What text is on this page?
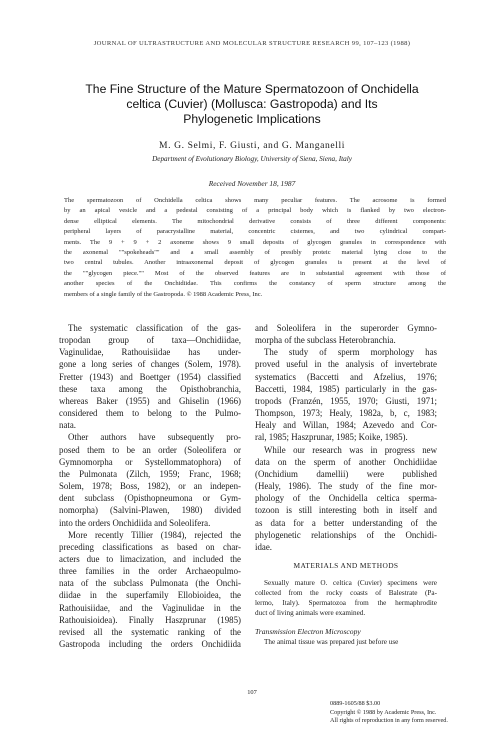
JOURNAL OF ULTRASTRUCTURE AND MOLECULAR STRUCTURE RESEARCH 99, 107–123 (1988)
The Fine Structure of the Mature Spermatozoon of Onchidella
celtica (Cuvier) (Mollusca: Gastropoda) and Its
Phylogenetic Implications
M. G. Selmi, F. Giusti, and G. Manganelli
Department of Evolutionary Biology, University of Siena, Siena, Italy
Received November 18, 1987
The spermatozoon of Onchidella celtica shows many peculiar features. The acrosome is formed
by an apical vesicle and a pedestal consisting of a principal body which is flanked by two electron-
dense elliptical elements. The mitochondrial derivative consists of three different components:
peripheral layers of paracrystalline material, concentric cisternes, and two cylindrical compart-
ments. The 9 + 9 + 2 axoneme shows 9 small deposits of glycogen granules in correspondence with
the axonemal ""spokeheads"" and a small assembly of presibly proteic material lying close to the
two central tubules. Another intraaxonemal deposit of glycogen granules is present at the level of
the ""glycogen piece."" Most of the observed features are in substantial agreement with those of
another species of the Onchidiidae. This confirms the constancy of sperm structure among the
members of a single family of the Gastropoda. © 1988 Academic Press, Inc.
The systematic classification of the gas-
tropodan group of taxa—Onchidiidae,
Vaginulidae, Rathouisiidae has under-
gone a long series of changes (Solem, 1978).
Fretter (1943) and Boettger (1954) classified
these taxa among the Opisthobranchia,
whereas Baker (1955) and Ghiselin (1966)
considered them to belong to the Pulmo-
nata.
Other authors have subsequently pro-
posed them to be an order (Soleolifera or
Gymnomorpha or Systellommatophora) of
the Pulmonata (Zilch, 1959; Franc, 1968;
Solem, 1978; Boss, 1982), or an indepen-
dent subclass (Opisthopneumona or Gym-
nomorpha) (Salvini-Plawen, 1980) divided
into the orders Onchidiida and Soleolifera.
More recently Tillier (1984), rejected the
preceding classifications as based on char-
acters due to limacization, and included the
three families in the order Archaeopulmo-
nata of the subclass Pulmonata (the Onchi-
diidae in the superfamily Ellobioidea, the
Rathouisiidae, and the Vaginulidae in the
Rathouisioidea). Finally Haszprunar (1985)
revised all the systematic ranking of the
Gastropoda including the orders Onchidiida
and Soleolifera in the superorder Gymno-
morpha of the subclass Heterobranchia.
The study of sperm morphology has
proved useful in the analysis of invertebrate
systematics (Baccetti and Afzelius, 1976;
Baccetti, 1984, 1985) particularly in the gas-
tropods (Franzén, 1955, 1970; Giusti, 1971;
Thompson, 1973; Healy, 1982a, b, c, 1983;
Healy and Willan, 1984; Azevedo and Cor-
ral, 1985; Haszprunar, 1985; Koike, 1985).
While our research was in progress new
data on the sperm of another Onchidiidae
(Onchidium damellii) were published
(Healy, 1986). The study of the fine mor-
phology of the Onchidella celtica sperma-
tozoon is still interesting both in itself and
as data for a better understanding of the
phylogenetic relationships of the Onchidi-
idae.
MATERIALS AND METHODS
Sexually mature O. celtica (Cuvier) specimens were
collected from the rocky coasts of Balestrate (Pa-
lermo, Italy). Spermatozoa from the hermaphrodite
duct of living animals were examined.
Transmission Electron Microscopy
The animal tissue was prepared just before use
107
0889-1605/88 $3.00
Copyright © 1988 by Academic Press, Inc.
All rights of reproduction in any form reserved.
